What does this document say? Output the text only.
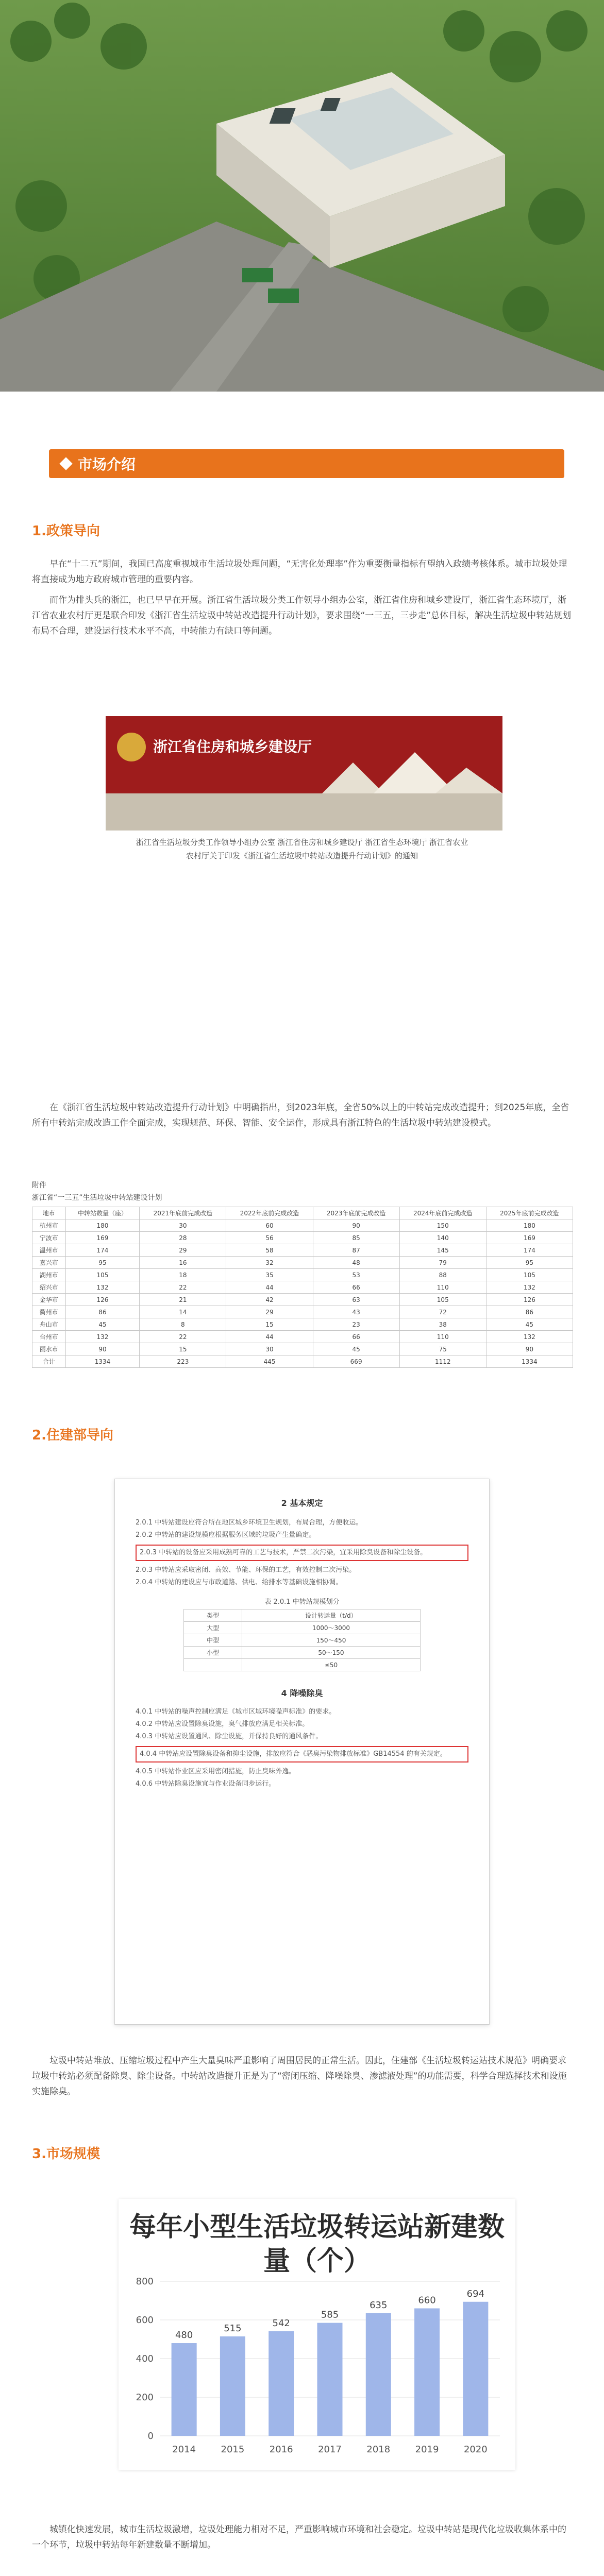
市场介绍
1.政策导向

早在“十二五”期间，我国已高度重视城市生活垃圾处理问题，“无害化处理率”作为重要衡量指标有望纳入政绩考核体系。城市垃圾处理将直接成为地方政府城市管理的重要内容。

而作为排头兵的浙江，也已早早在开展。浙江省生活垃圾分类工作领导小组办公室，浙江省住房和城乡建设厅，浙江省生态环境厅，浙江省农业农村厅更是联合印发《浙江省生活垃圾中转站改造提升行动计划》，要求围绕“一三五，三步走”总体目标，解决生活垃圾中转站规划布局不合理，建设运行技术水平不高，中转能力有缺口等问题。

浙江省住房和城乡建设厅
浙江省生活垃圾分类工作领导小组办公室 浙江省住房和城乡建设厅 浙江省生态环境厅 浙江省农业
农村厅关于印发《浙江省生活垃圾中转站改造提升行动计划》的通知

在《浙江省生活垃圾中转站改造提升行动计划》中明确指出，到2023年底，全省50%以上的中转站完成改造提升；到2025年底，全省所有中转站完成改造工作全面完成，实现规范、环保、智能、安全运作，形成具有浙江特色的生活垃圾中转站建设模式。

附件
浙江省“一三五”生活垃圾中转站建设计划
地市	中转站数量（座）	2021年底前完成改造	2022年底前完成改造	2023年底前完成改造	2024年底前完成改造	2025年底前完成改造
杭州市	180	30	60	90	150	180
宁波市	169	28	56	85	140	169
温州市	174	29	58	87	145	174
嘉兴市	95	16	32	48	79	95
湖州市	105	18	35	53	88	105
绍兴市	132	22	44	66	110	132
金华市	126	21	42	63	105	126
衢州市	86	14	29	43	72	86
舟山市	45	8	15	23	38	45
台州市	132	22	44	66	110	132
丽水市	90	15	30	45	75	90
合计	1334	223	445	669	1112	1334
2.住建部导向
2 基本规定
2.0.1 中转站建设应符合所在地区城乡环境卫生规划，布局合理，方便收运。
2.0.2 中转站的建设规模应根据服务区域的垃圾产生量确定。
2.0.3 中转站的设备应采用成熟可靠的工艺与技术，严禁二次污染，宜采用除臭设备和除尘设备。
2.0.3 中转站应采取密闭、高效、节能、环保的工艺，有效控制二次污染。
2.0.4 中转站的建设应与市政道路、供电、给排水等基础设施相协调。
表 2.0.1 中转站规模划分
类型	设计转运量（t/d）
大型	1000～3000
中型	150～450
小型	50～150
	≤50
4 降噪除臭
4.0.1 中转站的噪声控制应满足《城市区域环境噪声标准》的要求。
4.0.2 中转站应设置除臭设施，臭气排放应满足相关标准。
4.0.3 中转站应设置通风、除尘设施，并保持良好的通风条件。
4.0.4 中转站应设置除臭设备和抑尘设施，排放应符合《恶臭污染物排放标准》GB14554 的有关规定。
4.0.5 中转站作业区应采用密闭措施，防止臭味外逸。
4.0.6 中转站除臭设施宜与作业设备同步运行。

垃圾中转站堆放、压缩垃圾过程中产生大量臭味严重影响了周围居民的正常生活。因此，住建部《生活垃圾转运站技术规范》明确要求垃圾中转站必须配备除臭、除尘设备。中转站改造提升正是为了“密闭压缩、降噪除臭、渗滤液处理”的功能需要，科学合理选择技术和设施实施除臭。

3.市场规模
每年小型生活垃圾转运站新建数量（个）
0
200
400
600
800
480
2014
515
2015
542
2016
585
2017
635
2018
660
2019
694
2020

城镇化快速发展，城市生活垃圾激增，垃圾处理能力相对不足，严重影响城市环境和社会稳定。垃圾中转站是现代化垃圾收集体系中的一个环节，垃圾中转站每年新建数量不断增加。
